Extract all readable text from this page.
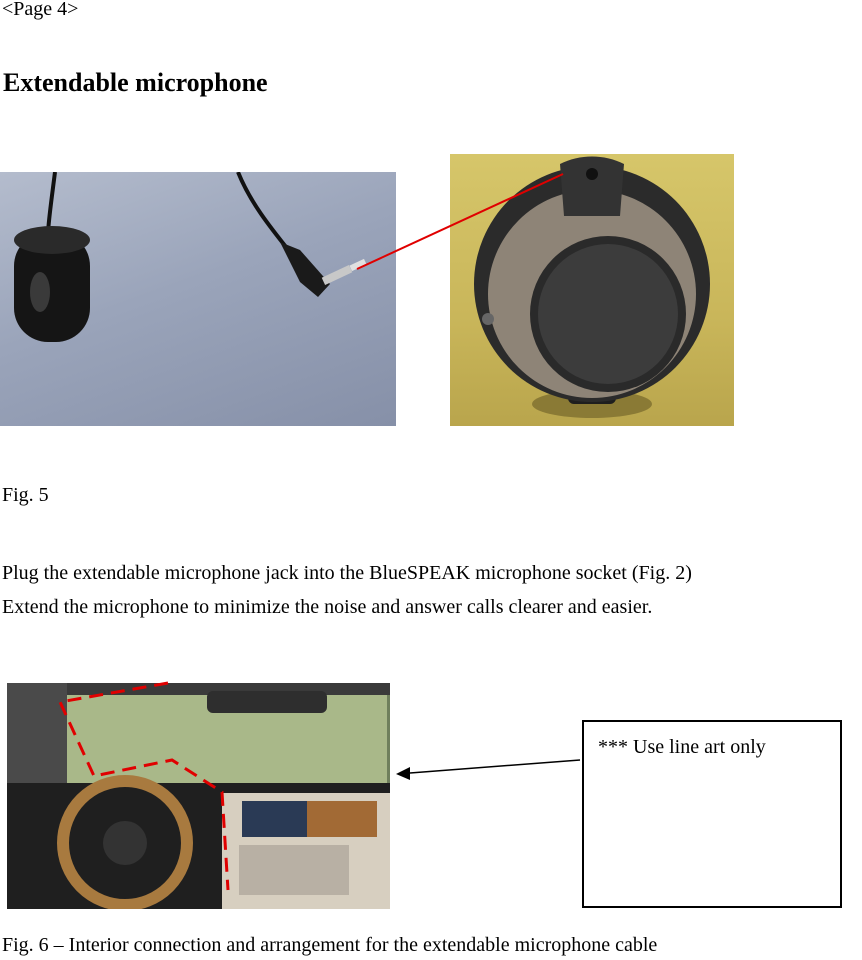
<Page 4>
Extendable microphone
Fig. 5
Plug the extendable microphone jack into the BlueSPEAK microphone socket (Fig. 2)
Extend the microphone to minimize the noise and answer calls clearer and easier.
*** Use line art only
Fig. 6 – Interior connection and arrangement for the extendable microphone cable
